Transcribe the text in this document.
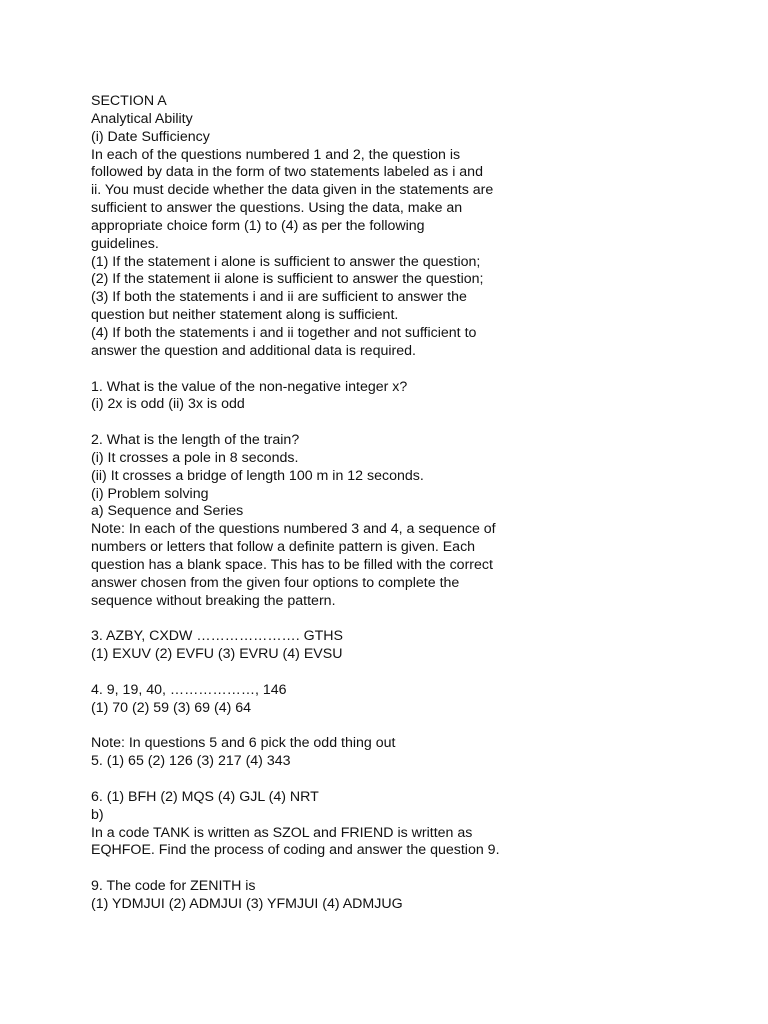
SECTION A
Analytical Ability
(i) Date Sufficiency
In each of the questions numbered 1 and 2, the question is
followed by data in the form of two statements labeled as i and
ii. You must decide whether the data given in the statements are
sufficient to answer the questions. Using the data, make an
appropriate choice form (1) to (4) as per the following
guidelines.
(1) If the statement i alone is sufficient to answer the question;
(2) If the statement ii alone is sufficient to answer the question;
(3) If both the statements i and ii are sufficient to answer the
question but neither statement along is sufficient.
(4) If both the statements i and ii together and not sufficient to
answer the question and additional data is required.
1. What is the value of the non-negative integer x?
(i) 2x is odd (ii) 3x is odd
2. What is the length of the train?
(i) It crosses a pole in 8 seconds.
(ii) It crosses a bridge of length 100 m in 12 seconds.
(i) Problem solving
a) Sequence and Series
Note: In each of the questions numbered 3 and 4, a sequence of
numbers or letters that follow a definite pattern is given. Each
question has a blank space. This has to be filled with the correct
answer chosen from the given four options to complete the
sequence without breaking the pattern.
3. AZBY, CXDW …………………. GTHS
(1) EXUV (2) EVFU (3) EVRU (4) EVSU
4. 9, 19, 40, ………………, 146
(1) 70 (2) 59 (3) 69 (4) 64
Note: In questions 5 and 6 pick the odd thing out
5. (1) 65 (2) 126 (3) 217 (4) 343
6. (1) BFH (2) MQS (4) GJL (4) NRT
b)
In a code TANK is written as SZOL and FRIEND is written as
EQHFOE. Find the process of coding and answer the question 9.
9. The code for ZENITH is
(1) YDMJUI (2) ADMJUI (3) YFMJUI (4) ADMJUG
